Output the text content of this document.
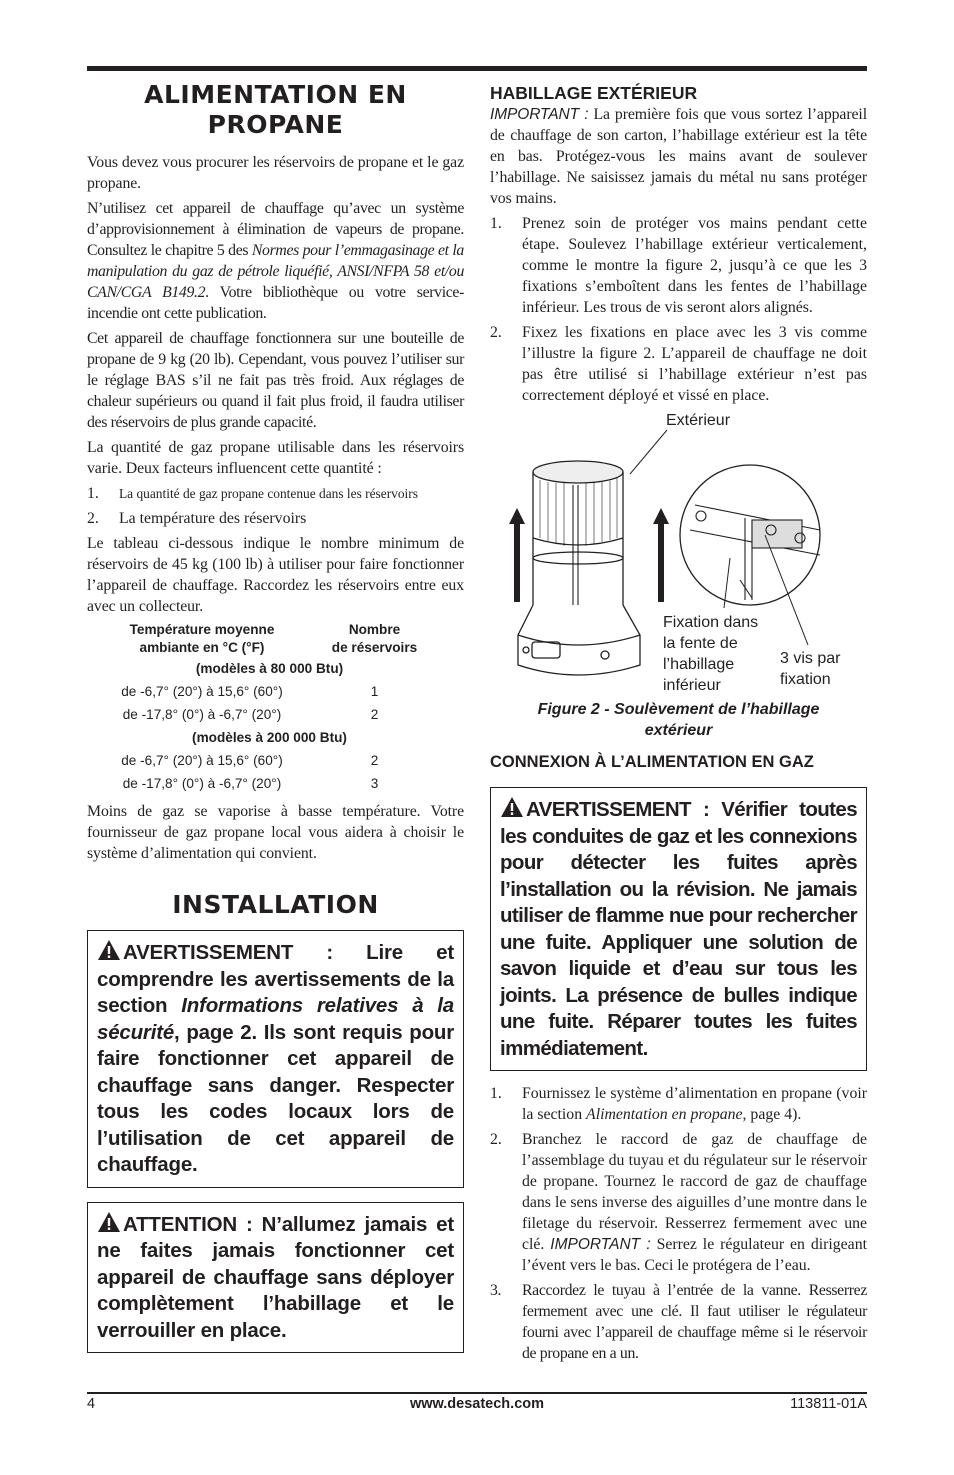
ALIMENTATION EN PROPANE

Vous devez vous procurer les réservoirs de propane et le gaz propane.

N’utilisez cet appareil de chauffage qu’avec un système d’approvisionnement à élimination de vapeurs de propane. Consultez le chapitre 5 des Normes pour l’emmagasinage et la manipulation du gaz de pétrole liquéfié, ANSI/NFPA 58 et/ou CAN/CGA B149.2. Votre bibliothèque ou votre service-incendie ont cette publication.

Cet appareil de chauffage fonctionnera sur une bouteille de propane de 9 kg (20 lb). Cependant, vous pouvez l’utiliser sur le réglage BAS s’il ne fait pas très froid. Aux réglages de chaleur supérieurs ou quand il fait plus froid, il faudra utiliser des réservoirs de plus grande capacité.

La quantité de gaz propane utilisable dans les réservoirs varie. Deux facteurs influencent cette quantité :

1. La quantité de gaz propane contenue dans les réservoirs
2. La température des réservoirs

Le tableau ci-dessous indique le nombre minimum de réservoirs de 45 kg (100 lb) à utiliser pour faire fonctionner l’appareil de chauffage. Raccordez les réservoirs entre eux avec un collecteur.

Température moyenne
ambiante en °C (°F)
Nombre
de réservoirs
(modèles à 80 000 Btu)
de -6,7° (20°) à 15,6° (60°)	1
de -17,8° (0°) à -6,7° (20°)	2
(modèles à 200 000 Btu)
de -6,7° (20°) à 15,6° (60°)	2
de -17,8° (0°) à -6,7° (20°)	3

Moins de gaz se vaporise à basse température. Votre fournisseur de gaz propane local vous aidera à choisir le système d’alimentation qui convient.

INSTALLATION
AVERTISSEMENT : Lire et comprendre les avertissements de la section Informations relatives à la sécurité, page 2. Ils sont requis pour faire fonctionner cet appareil de chauffage sans danger. Respecter tous les codes locaux lors de l’utilisation de cet appareil de chauffage.
ATTENTION : N’allumez jamais et ne faites jamais fonctionner cet appareil de chauffage sans déployer complètement l’habillage et le verrouiller en place.
HABILLAGE EXTÉRIEUR

IMPORTANT : La première fois que vous sortez l’appareil de chauffage de son carton, l’habillage extérieur est la tête en bas. Protégez-vous les mains avant de soulever l’habillage. Ne saisissez jamais du métal nu sans protéger vos mains.

1. Prenez soin de protéger vos mains pendant cette étape. Soulevez l’habillage extérieur verticalement, comme le montre la figure 2, jusqu’à ce que les 3 fixations s’emboîtent dans les fentes de l’habillage inférieur. Les trous de vis seront alors alignés.
2. Fixez les fixations en place avec les 3 vis comme l’illustre la figure 2. L’appareil de chauffage ne doit pas être utilisé si l’habillage extérieur n’est pas correctement déployé et vissé en place.
Extérieur
Fixation dans
la fente de
l’habillage
inférieur
3 vis par
fixation
Figure 2 - Soulèvement de l’habillage
extérieur
CONNEXION À L’ALIMENTATION EN GAZ
AVERTISSEMENT : Vérifier toutes les conduites de gaz et les connexions pour détecter les fuites après l’installation ou la révision. Ne jamais utiliser de flamme nue pour rechercher une fuite. Appliquer une solution de savon liquide et d’eau sur tous les joints. La présence de bulles indique une fuite. Réparer toutes les fuites immédiatement.
1. Fournissez le système d’alimentation en propane (voir la section Alimentation en propane, page 4).
2. Branchez le raccord de gaz de chauffage de l’assemblage du tuyau et du régulateur sur le réservoir de propane. Tournez le raccord de gaz de chauffage dans le sens inverse des aiguilles d’une montre dans le filetage du réservoir. Resserrez fermement avec une clé. IMPORTANT : Serrez le régulateur en dirigeant l’évent vers le bas. Ceci le protégera de l’eau.
3. Raccordez le tuyau à l’entrée de la vanne. Resserrez fermement avec une clé. Il faut utiliser le régulateur fourni avec l’appareil de chauffage même si le réservoir de propane en a un.
4	www.desatech.com	113811-01A
